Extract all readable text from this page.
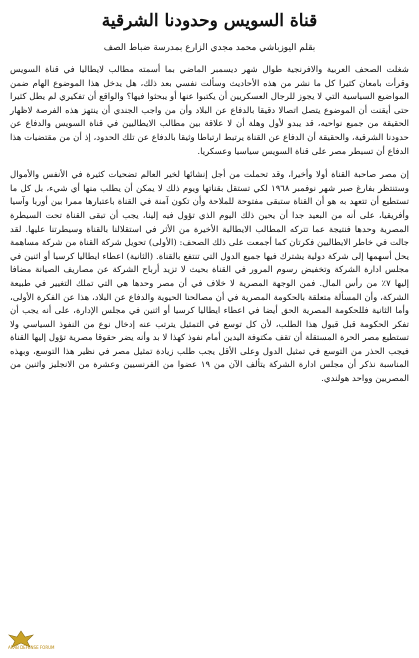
قناة السويس وحدودنا الشرقية
بقلم اليوزباشي محمد مجدي الزارع بمدرسة ضباط الصف

شغلت الصحف العربية والافرنجية طوال شهر ديسمبر الماضي بما أسمته مطالب لايطاليا في قناة السويس وقرأت بامعان كثيرا كل ما نشر من هذه الأحاديث وسألت نفسي بعد ذلك، هل يدخل هذا الموضوع الهام ضمن المواضيع السياسية التي لا يجوز للرجال العسكريين أن يكتبوا عنها أو يبحثوا فيها؟ والواقع أن تفكيري لم يطل كثيرا حتى أيقنت أن الموضوع يتصل اتصالا دقيقا بالدفاع عن البلاد وأن من واجب الجندي أن ينتهز هذه الفرصة لاظهار الحقيقة من جميع نواحيه، قد يبدو لأول وهلة أن لا علاقة بين مطالب الايطاليين في قناة السويس والدفاع عن حدودنا الشرقية، والحقيقة أن الدفاع عن القناة يرتبط ارتباطا وثيقا بالدفاع عن تلك الحدود، إذ أن من مقتضيات هذا الدفاع أن تسيطر مصر على قناة السويس سياسيا وعسكريا.

إن مصر صاحبة القناة أولا وأخيرا، وقد تحملت من أجل إنشائها لخير العالم تضحيات كثيرة في الأنفس والأموال وستنتظر بفارغ صبر شهر نوفمبر ١٩٦٨ لكي تستقل بقناتها ويوم ذلك لا يمكن أن يطلب منها أي شيء، بل كل ما تستطيع أن تتعهد به هو أن القناة ستبقى مفتوحة للملاحة وأن تكون آمنة في القناة باعتبارها ممرا بين أوربا وآسيا وأفريقيا، على أنه من البعيد جدا أن يحين ذلك اليوم الذي تؤول فيه إلينا، يجب أن تبقى القناة تحت السيطرة المصرية وحدها فنتيجة عما تتركه المطالب الايطالية الأخيرة من الأثر في استقلالنا بالقناة وسيطرتنا عليها. لقد جالت في خاطر الايطاليين فكرتان كما أجمعت على ذلك الصحف: (الأولى) تحويل شركة القناة من شركة مساهمة يحل أسهمها إلى شركة دولية يشترك فيها جميع الدول التي تنتفع بالقناة. (الثانية) اعطاء ايطاليا كرسيا أو اثنين في مجلس ادارة الشركة وتخفيض رسوم المرور في القناة بحيث لا تزيد أرباح الشركة عن مصاريف الصيانة مضافا إليها ٧٪ من رأس المال. فمن الوجهة المصرية لا خلاف في أن مصر وحدها هي التي تملك التغيير في طبيعة الشركة، وأن المسألة متعلقة بالحكومة المصرية في أن مصالحنا الحيوية والدفاع عن البلاد، هذا عن الفكرة الأولى، وأما الثانية فللحكومة المصرية الحق أيضا في اعطاء ايطاليا كرسيا أو اثنين في مجلس الإدارة، على أنه يجب أن تفكر الحكومة قبل قبول هذا الطلب، لأن كل توسع في التمثيل يترتب عنه إدخال نوع من النفوذ السياسي ولا تستطيع مصر الحرة المستقلة أن تقف مكتوفة اليدين أمام نفوذ كهذا لا بد وأنه يضر حقوقا مصرية تؤول إليها القناة فيجب الحذر من التوسع في تمثيل الدول وعلى الأقل يجب طلب زيادة تمثيل مصر في نظير هذا التوسع، وبهذه المناسبة نذكر أن مجلس ادارة الشركة يتألف الآن من ١٩ عضوا من الفرنسيين وعشرة من الانجليز واثنين من المصريين وواحد هولندي.

ARAB DEFENSE FORUM
